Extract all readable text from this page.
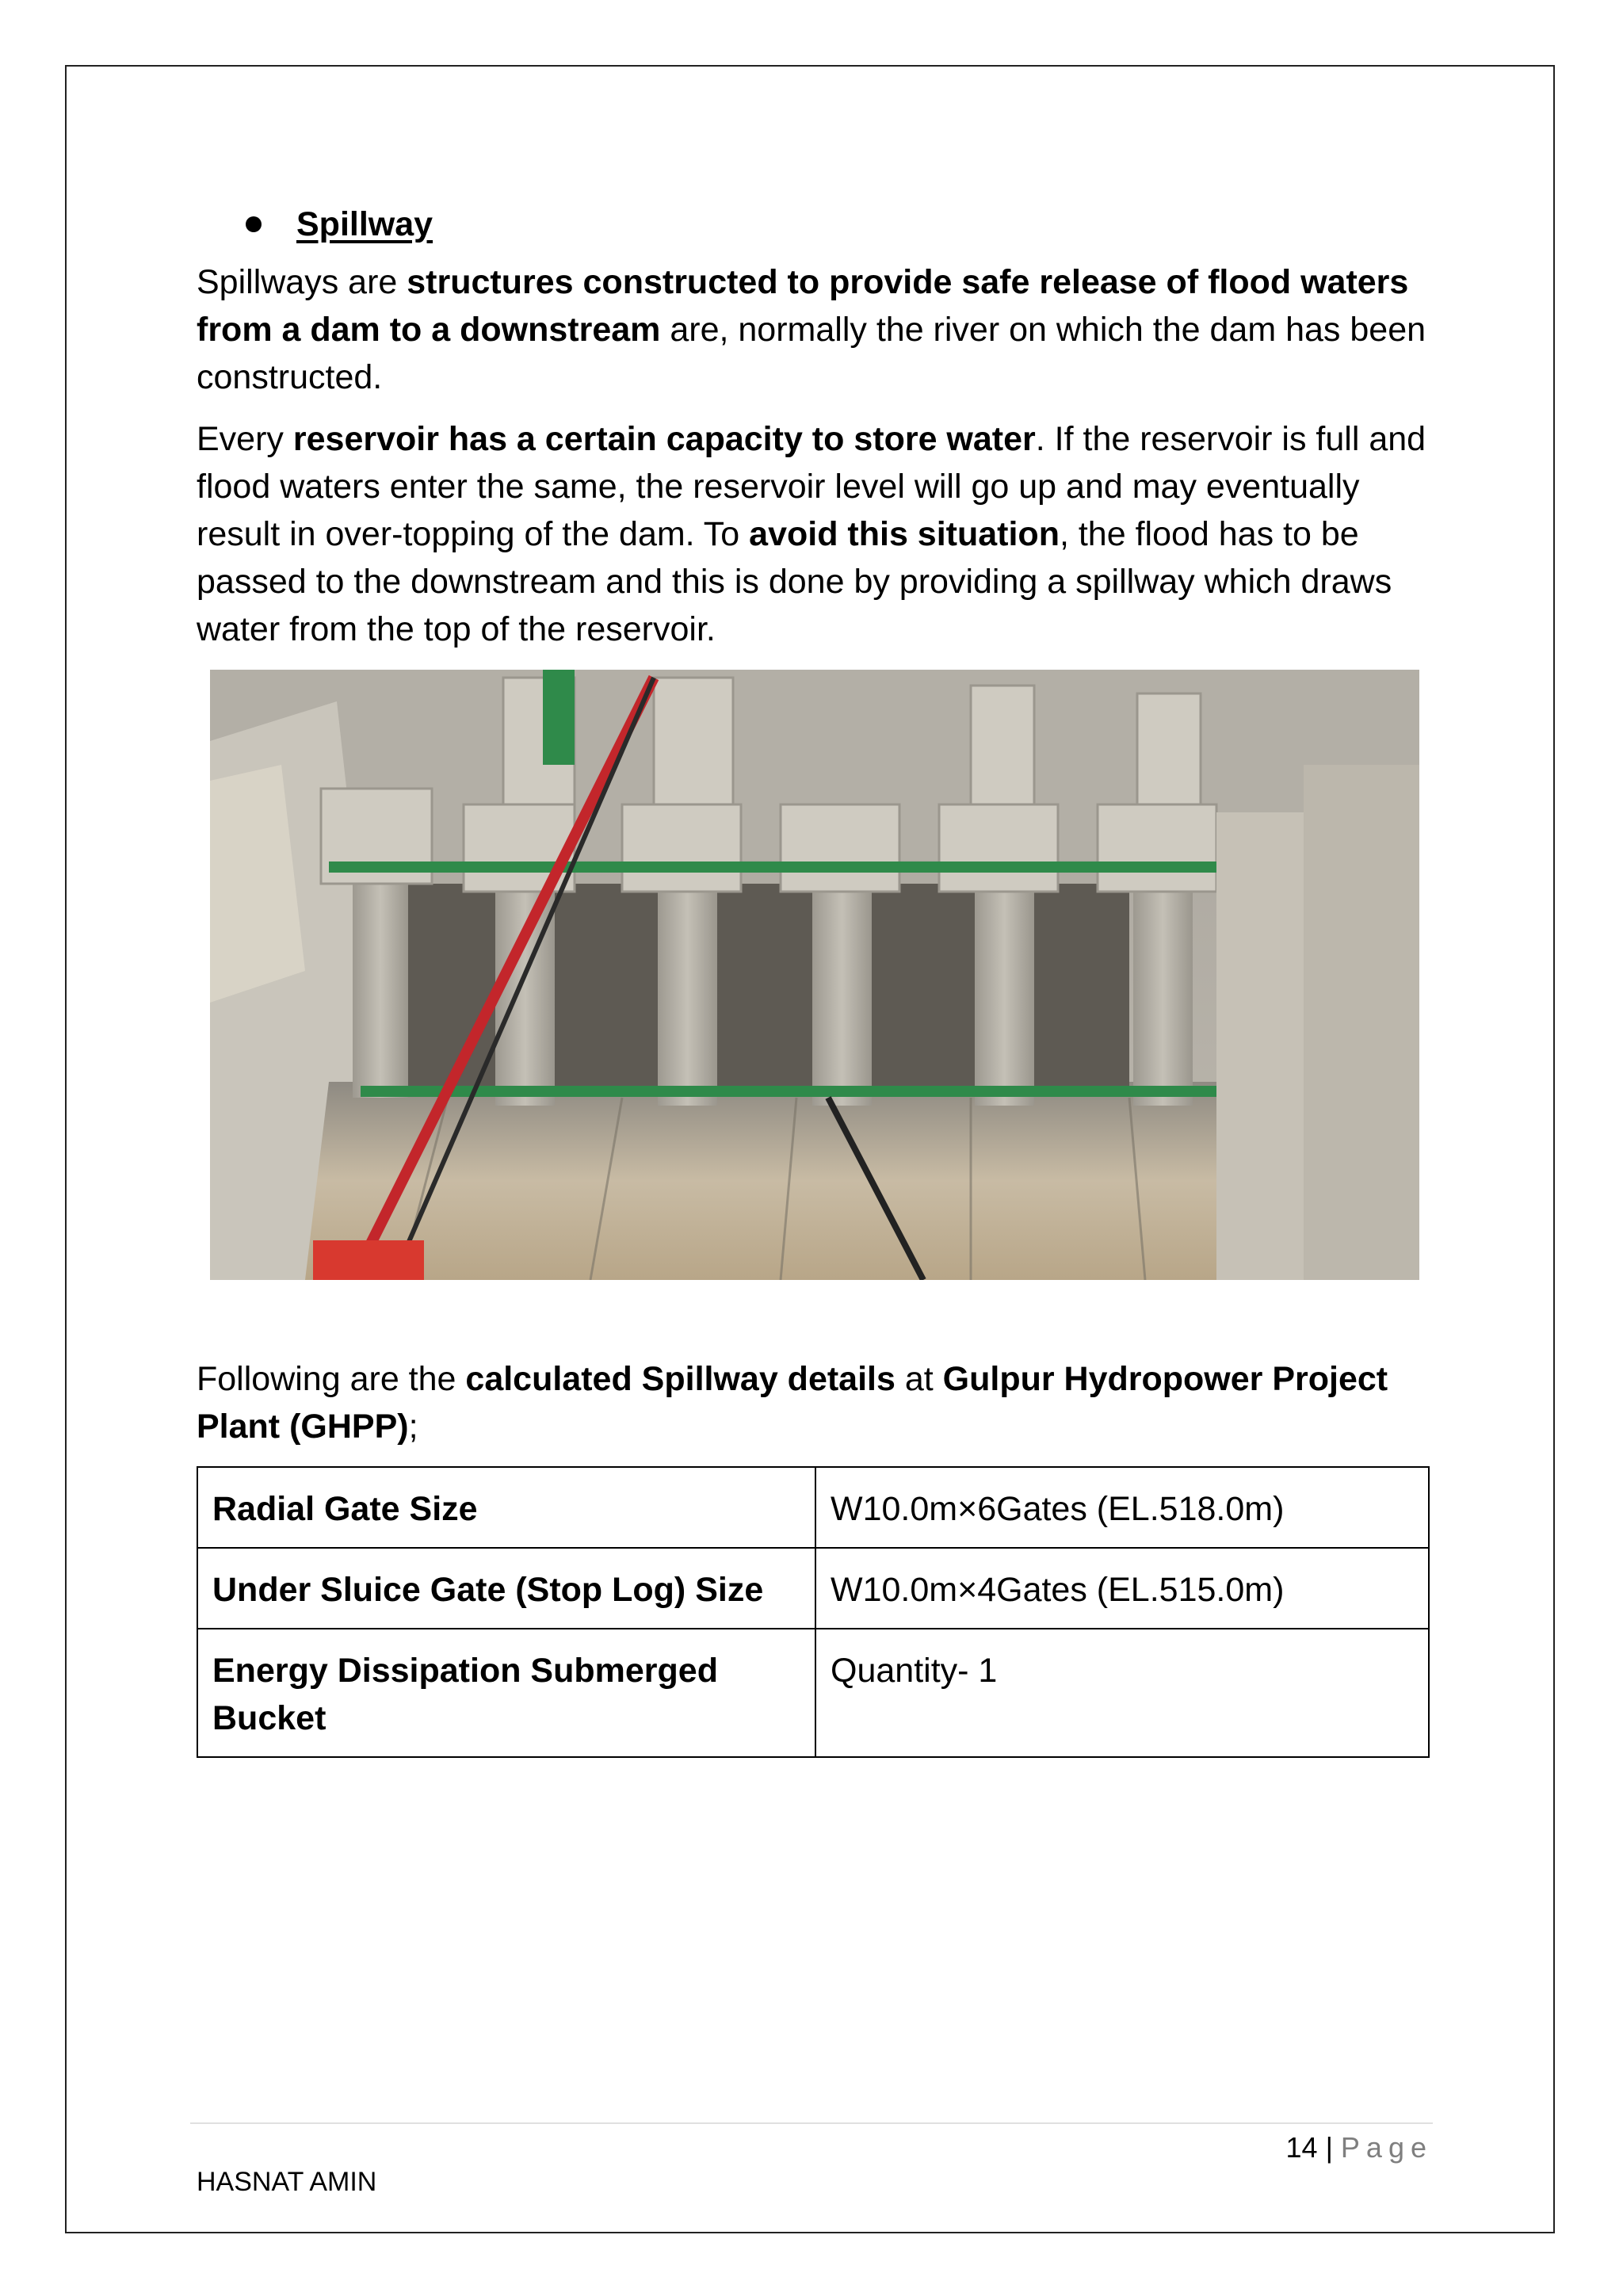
Spillway

Spillways are structures constructed to provide safe release of flood waters from a dam to a downstream are, normally the river on which the dam has been constructed.

Every reservoir has a certain capacity to store water. If the reservoir is full and flood waters enter the same, the reservoir level will go up and may eventually result in over-topping of the dam. To avoid this situation, the flood has to be passed to the downstream and this is done by providing a spillway which draws water from the top of the reservoir.

Following are the calculated Spillway details at Gulpur Hydropower Project Plant (GHPP);
Radial Gate Size	W10.0m×6Gates (EL.518.0m)
Under Sluice Gate (Stop Log) Size	W10.0m×4Gates (EL.515.0m)
Energy Dissipation Submerged Bucket	Quantity- 1
14 | Page
HASNAT AMIN
